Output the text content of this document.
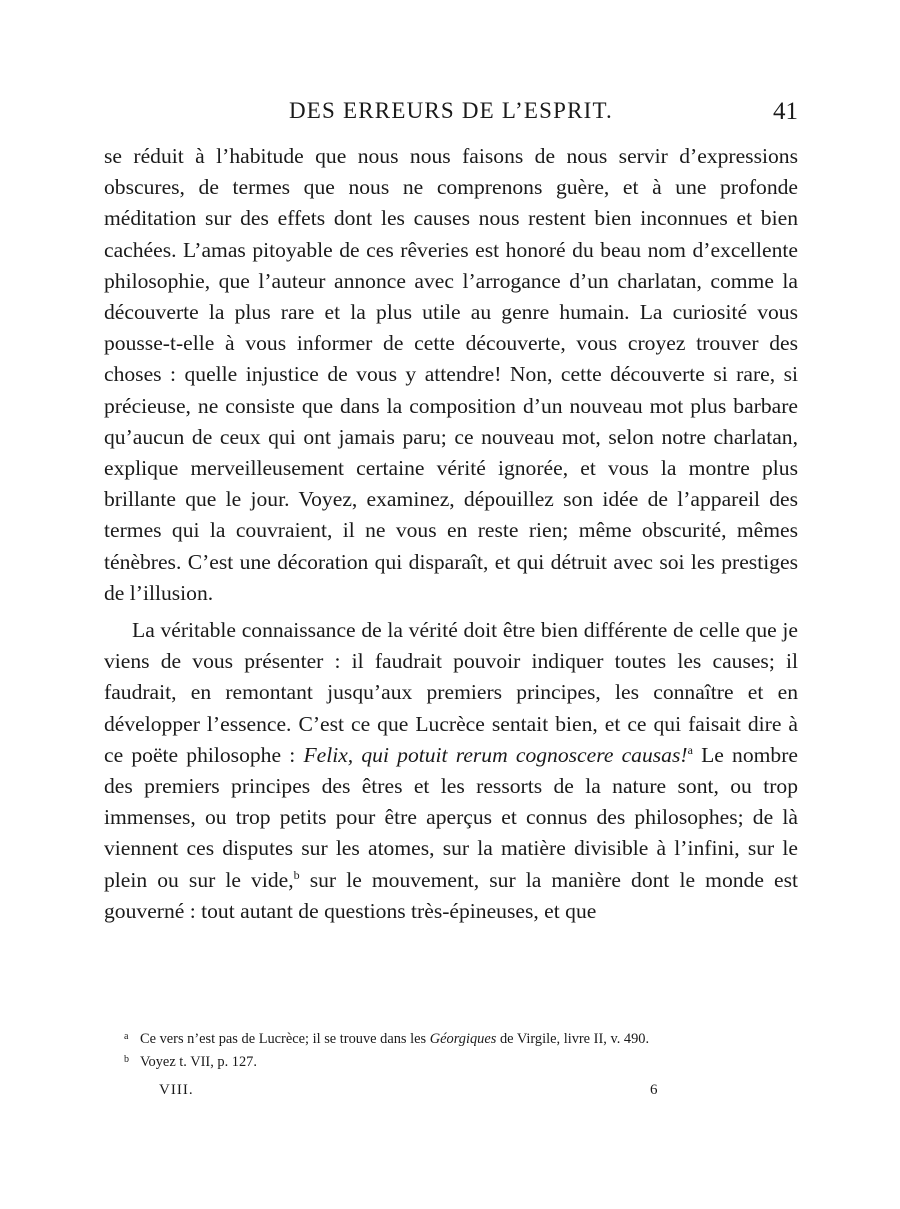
DES ERREURS DE L’ESPRIT.	41

se réduit à l’habitude que nous nous faisons de nous servir d’expressions obscures, de termes que nous ne comprenons guère, et à une profonde méditation sur des effets dont les causes nous restent bien inconnues et bien cachées. L’amas pitoyable de ces rêveries est honoré du beau nom d’excellente philosophie, que l’auteur annonce avec l’arrogance d’un charlatan, comme la découverte la plus rare et la plus utile au genre humain. La curiosité vous pousse-t-elle à vous informer de cette découverte, vous croyez trouver des choses : quelle injustice de vous y attendre! Non, cette découverte si rare, si précieuse, ne consiste que dans la composition d’un nouveau mot plus barbare qu’aucun de ceux qui ont jamais paru; ce nouveau mot, selon notre charlatan, explique merveilleusement certaine vérité ignorée, et vous la montre plus brillante que le jour. Voyez, examinez, dépouillez son idée de l’appareil des termes qui la couvraient, il ne vous en reste rien; même obscurité, mêmes ténèbres. C’est une décoration qui disparaît, et qui détruit avec soi les prestiges de l’illusion.

La véritable connaissance de la vérité doit être bien différente de celle que je viens de vous présenter : il faudrait pouvoir indiquer toutes les causes; il faudrait, en remontant jusqu’aux premiers principes, les connaître et en développer l’essence. C’est ce que Lucrèce sentait bien, et ce qui faisait dire à ce poëte philosophe : Felix, qui potuit rerum cognoscere causas!$^a$ Le nombre des premiers principes des êtres et les ressorts de la nature sont, ou trop immenses, ou trop petits pour être aperçus et connus des philosophes; de là viennent ces disputes sur les atomes, sur la matière divisible à l’infini, sur le plein ou sur le vide,$^b$ sur le mouvement, sur la manière dont le monde est gouverné : tout autant de questions très-épineuses, et que

a Ce vers n’est pas de Lucrèce; il se trouve dans les Géorgiques de Virgile, livre II, v. 490.
b Voyez t. VII, p. 127.
VIII.	6
